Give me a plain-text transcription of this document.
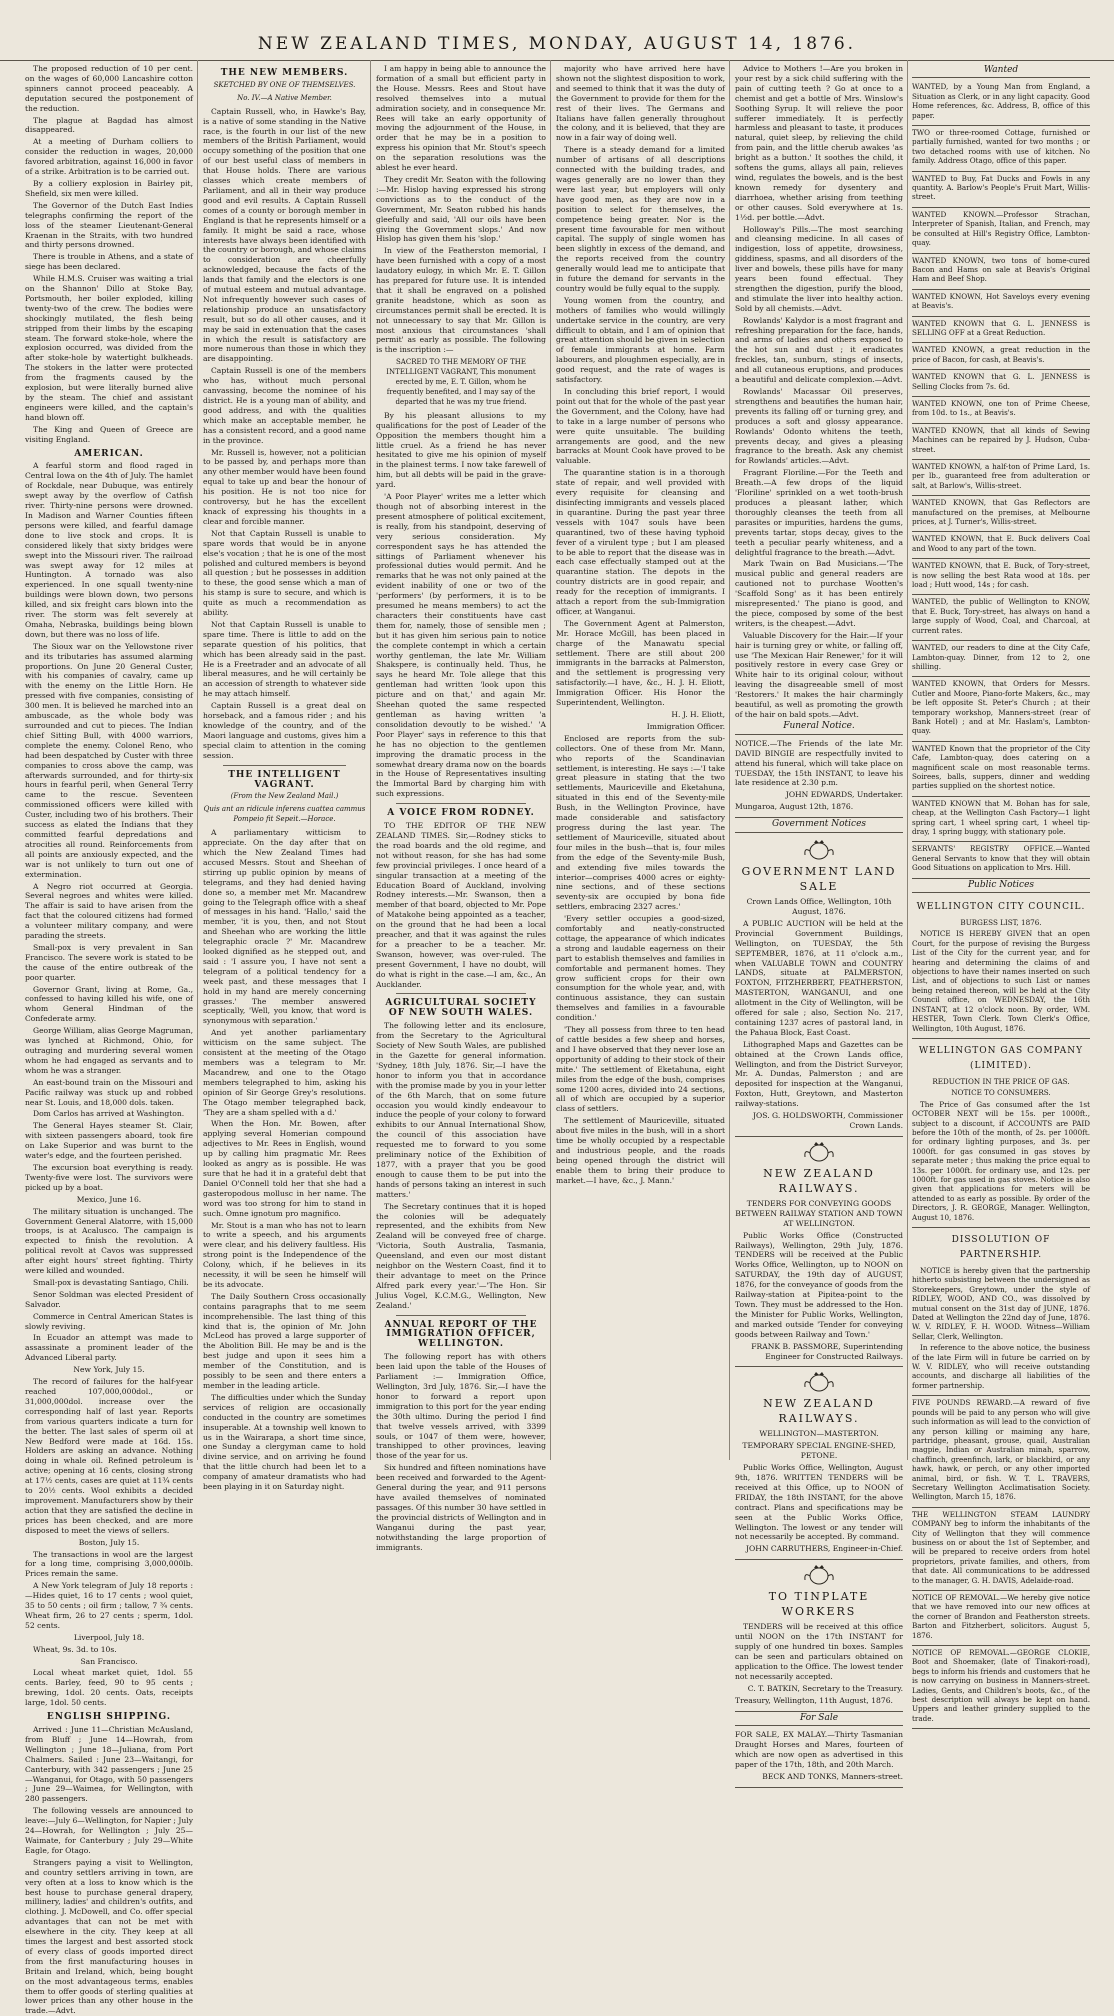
NEW ZEALAND TIMES, MONDAY, AUGUST 14, 1876.

The proposed reduction of 10 per cent. on the wages of 60,000 Lancashire cotton spinners cannot proceed peaceably. A deputation secured the postponement of the reduction.

The plague at Bagdad has almost disappeared.

At a meeting of Durham colliers to consider the reduction in wages, 20,000 favored arbitration, against 16,000 in favor of a strike. Arbitration is to be carried out.

By a colliery explosion in Bairley pit, Shefield, six men were killed.

The Governor of the Dutch East Indies telegraphs confirming the report of the loss of the steamer Lieutenant-General Kraenan in the Straits, with two hundred and thirty persons drowned.

There is trouble in Athens, and a state of siege has been declared.

While H.M.S. Cruiser was waiting a trial on the Shannon' Dillo at Stoke Bay, Portsmouth, her boiler exploded, killing twenty-two of the crew. The bodies were shockingly mutilated, the flesh being stripped from their limbs by the escaping steam. The forward stoke-hole, where the explosion occurred, was divided from the after stoke-hole by watertight bulkheads. The stokers in the latter were protected from the fragments caused by the explosion, but were literally burned alive by the steam. The chief and assistant engineers were killed, and the captain's hand blown off.

The King and Queen of Greece are visiting England.

AMERICAN.

A fearful storm and flood raged in Central Iowa on the 4th of July. The hamlet of Rockdale, near Dubuque, was entirely swept away by the overflow of Catfish river. Thirty-nine persons were drowned. In Madison and Warner Counties fifteen persons were killed, and fearful damage done to live stock and crops. It is considered likely that sixty bridges were swept into the Missouri river. The railroad was swept away for 12 miles at Huntington. A tornado was also experienced. In one squall twenty-nine buildings were blown down, two persons killed, and six freight cars blown into the river. The storm was felt severely at Omaha, Nebraska, buildings being blown down, but there was no loss of life.

The Sioux war on the Yellowstone river and its tributaries has assumed alarming proportions. On June 20 General Custer, with his companies of cavalry, came up with the enemy on the Little Horn. He pressed with five companies, consisting of 300 men. It is believed he marched into an ambuscade, as the whole body was surrounded and cut to pieces. The Indian chief Sitting Bull, with 4000 warriors, complete the enemy. Colonel Reno, who had been despatched by Custer with three companies to cross above the camp, was afterwards surrounded, and for thirty-six hours in fearful peril, when General Terry came to the rescue. Seventeen commissioned officers were killed with Custer, including two of his brothers. Their success as elated the Indians that they committed fearful depredations and atrocities all round. Reinforcements from all points are anxiously expected, and the war is not unlikely to turn out one of extermination.

A Negro riot occurred at Georgia. Several negroes and whites were killed. The affair is said to have arisen from the fact that the coloured citizens had formed a volunteer military company, and were parading the streets.

Small-pox is very prevalent in San Francisco. The severe work is stated to be the cause of the entire outbreak of the poor quarter.

Governor Grant, living at Rome, Ga., confessed to having killed his wife, one of whom General Hindman of the Confederate army.

George William, alias George Magruman, was lynched at Richmond, Ohio, for outraging and murdering several women whom he had engaged as servants and to whom he was a stranger.

An east-bound train on the Missouri and Pacific railway was stuck up and robbed near St. Louis, and 18,000 dols. taken.

Dom Carlos has arrived at Washington.

The General Hayes steamer St. Clair, with sixteen passengers aboard, took fire on Lake Superior and was burnt to the water's edge, and the fourteen perished.

The excursion boat everything is ready. Twenty-five were lost. The survivors were picked up by a boat.

Mexico, June 16.

The military situation is unchanged. The Government General Alatorre, with 15,000 troops, is at Acalusco. The campaign is expected to finish the revolution. A political revolt at Cavos was suppressed after eight hours' street fighting. Thirty were killed and wounded.

Small-pox is devastating Santiago, Chili.

Senor Soldman was elected President of Salvador.

Commerce in Central American States is slowly reviving.

In Ecuador an attempt was made to assassinate a prominent leader of the Advanced Liberal party.

New York, July 15.

The record of failures for the half-year reached 107,000,000dol., or 31,000,000dol. increase over the corresponding half of last year. Reports from various quarters indicate a turn for the better. The last sales of sperm oil at New Bedford were made at 16d. 15s. Holders are asking an advance. Nothing doing in whale oil. Refined petroleum is active; opening at 16 cents, closing strong at 17½ cents, cases are quiet at 11¾ cents to 20½ cents. Wool exhibits a decided improvement. Manufacturers show by their action that they are satisfied the decline in prices has been checked, and are more disposed to meet the views of sellers.

Boston, July 15.

The transactions in wool are the largest for a long time, comprising 3,000,000lb. Prices remain the same.

A New York telegram of July 18 reports : —Hides quiet, 16 to 17 cents ; wool quiet, 35 to 50 cents ; oil firm ; tallow, 7 ¾ cents. Wheat firm, 26 to 27 cents ; sperm, 1dol. 52 cents.

Liverpool, July 18.

Wheat, 9s. 3d. to 10s.

San Francisco.

Local wheat market quiet, 1dol. 55 cents. Barley, feed, 90 to 95 cents ; brewing, 1dol. 20 cents. Oats, receipts large, 1dol. 50 cents.

ENGLISH SHIPPING.

Arrived : June 11—Christian McAusland, from Bluff ; June 14—Howrah, from Wellington ; June 18—Juliana, from Port Chalmers. Sailed : June 23—Waitangi, for Canterbury, with 342 passengers ; June 25—Wanganui, for Otago, with 50 passengers ; June 29—Waimea, for Wellington, with 280 passengers.

The following vessels are announced to leave:—July 6—Wellington, for Napier ; July 24—Howrah, for Wellington ; July 25—Waimate, for Canterbury ; July 29—White Eagle, for Otago.

Strangers paying a visit to Wellington, and country settlers arriving in town, are very often at a loss to know which is the best house to purchase general drapery, millinery, ladies' and children's outfits, and clothing. J. McDowell, and Co. offer special advantages that can not be met with elsewhere in the city. They keep at all times the largest and best assorted stock of every class of goods imported direct from the first manufacturing houses in Britain and Ireland, which, being bought on the most advantageous terms, enables them to offer goods of sterling qualities at lower prices than any other house in the trade.—Advt.

THE NEW MEMBERS.
SKETCHED BY ONE OF THEMSELVES.
No. IV.—A Native Member.

Captain Russell, who, in Hawke's Bay, is a native of some standing in the Native race, is the fourth in our list of the new members of the British Parliament, would occupy something of the position that one of our best useful class of members in that House holds. There are various classes which create members of Parliament, and all in their way produce good and evil results. A Captain Russell comes of a county or borough member in England is that he represents himself or a family. It might be said a race, whose interests have always been identified with the country or borough, and whose claims to consideration are cheerfully acknowledged, because the facts of the lands that family and the electors is one of mutual esteem and mutual advantage. Not infrequently however such cases of relationship produce an unsatisfactory result, but so do all other causes, and it may be said in extenuation that the cases in which the result is satisfactory are more numerous than those in which they are disappointing.

Captain Russell is one of the members who has, without much personal canvassing, become the nominee of his district. He is a young man of ability, and good address, and with the qualities which make an acceptable member, he has a consistent record, and a good name in the province.

Mr. Russell is, however, not a politician to be passed by, and perhaps more than any other member would have been found equal to take up and bear the honour of his position. He is not too nice for controversy, but he has the excellent knack of expressing his thoughts in a clear and forcible manner.

Not that Captain Russell is unable to spare words that would be in anyone else's vocation ; that he is one of the most polished and cultured members is beyond all question ; but he possesses in addition to these, the good sense which a man of his stamp is sure to secure, and which is quite as much a recommendation as ability.

Not that Captain Russell is unable to spare time. There is little to add on the separate question of his politics, that which has been already said in the past. He is a Freetrader and an advocate of all liberal measures, and he will certainly be an accession of strength to whatever side he may attach himself.

Captain Russell is a great deal on horseback, and a famous rider ; and his knowledge of the country, and of the Maori language and customs, gives him a special claim to attention in the coming session.

THE INTELLIGENT VAGRANT.
(From the New Zealand Mail.)
Quis ant an ridicule inferens cuattea cammus Pompeio fit Sepeit.—Horace.

A parliamentary witticism to appreciate. On the day after that on which the New Zealand Times had accused Messrs. Stout and Sheehan of stirring up public opinion by means of telegrams, and they had denied having done so, a member met Mr. Macandrew going to the Telegraph office with a sheaf of messages in his hand. 'Hallo,' said the member, 'it is you, then, and not Stout and Sheehan who are working the little telegraphic oracle ?' Mr. Macandrew looked dignified as he stepped out, and said : 'I assure you, I have not sent a telegram of a political tendency for a week past, and these messages that I hold in my hand are merely concerning grasses.' The member answered sceptically, 'Well, you know, that word is synonymous with separation.'

And yet another parliamentary witticism on the same subject. The consistent at the meeting of the Otago members was a telegram to Mr. Macandrew, and one to the Otago members telegraphed to him, asking his opinion of Sir George Grey's resolutions. The Otago member telegraphed back, 'They are a sham spelled with a d.'

When the Hon. Mr. Bowen, after applying several Homerian compound adjectives to Mr. Rees in English, wound up by calling him pragmatic Mr. Rees looked as angry as is possible. He was sure that he had it in a grateful debt that Daniel O'Connell told her that she had a gasteropodous mollusc in her name. The word was too strong for him to stand in such. Omne ignotum pro magnifico.

Mr. Stout is a man who has not to learn to write a speech, and his arguments were clear, and his delivery faultless. His strong point is the Independence of the Colony, which, if he believes in its necessity, it will be seen he himself will be its advocate.

The Daily Southern Cross occasionally contains paragraphs that to me seem incomprehensible. The last thing of this kind that is, the opinion of Mr. John McLeod has proved a large supporter of the Abolition Bill. He may be and is the best judge and upon it sees him a member of the Constitution, and is possibly to be seen and there enters a member in the leading article.

The difficulties under which the Sunday services of religion are occasionally conducted in the country are sometimes insuperable. At a township well known to us in the Wairarapa, a short time since, one Sunday a clergyman came to hold divine service, and on arriving he found that the little church had been let to a company of amateur dramatists who had been playing in it on Saturday night.

I am happy in being able to announce the formation of a small but efficient party in the House. Messrs. Rees and Stout have resolved themselves into a mutual admiration society, and in consequence Mr. Rees will take an early opportunity of moving the adjournment of the House, in order that he may be in a position to express his opinion that Mr. Stout's speech on the separation resolutions was the ablest he ever heard.

They credit Mr. Seaton with the following :—Mr. Hislop having expressed his strong convictions as to the conduct of the Government, Mr. Seaton rubbed his hands gleefully and said, 'All our oils have been giving the Government slops.' And now Hislop has given them his 'slop.'

In view of the Featherston memorial, I have been furnished with a copy of a most laudatory eulogy, in which Mr. E. T. Gillon has prepared for future use. It is intended that it shall be engraved on a polished granite headstone, which as soon as circumstances permit shall be erected. It is not unnecessary to say that Mr. Gillon is most anxious that circumstances 'shall permit' as early as possible. The following is the inscription :—

SACRED TO THE MEMORY OF THE INTELLIGENT VAGRANT, This monument erected by me, E. T. Gillon, whom he frequently benefited, and I may say of the departed that he was my true friend.

By his pleasant allusions to my qualifications for the post of Leader of the Opposition the members thought him a little cruel. As a friend he has never hesitated to give me his opinion of myself in the plainest terms. I now take farewell of him, but all debts will be paid in the grave-yard.

'A Poor Player' writes me a letter which though not of absorbing interest in the present atmosphere of political excitement, is really, from his standpoint, deserving of very serious consideration. My correspondent says he has attended the sittings of Parliament whenever his professional duties would permit. And he remarks that he was not only pained at the evident inability of one or two of the 'performers' (by performers, it is to be presumed he means members) to act the characters their constituents have cast them for, namely, those of sensible men ; but it has given him serious pain to notice the complete contempt in which a certain worthy gentleman, the late Mr. William Shakspere, is continually held. Thus, he says he heard Mr. Tole allege that this gentleman had written 'look upon this picture and on that,' and again Mr. Sheehan quoted the same respected gentleman as having written 'a consolidation devoutly to be wished.' 'A Poor Player' says in reference to this that he has no objection to the gentlemen improving the dramatic process in the somewhat dreary drama now on the boards in the House of Representatives insulting the Immortal Bard by charging him with such expressions.

A VOICE FROM RODNEY.

TO THE EDITOR OF THE NEW ZEALAND TIMES. Sir,—Rodney sticks to the road boards and the old regime, and not without reason, for she has had some few provincial privileges. I once heard of a singular transaction at a meeting of the Education Board of Auckland, involving Rodney interests.—Mr. Swanson, then a member of that board, objected to Mr. Pope of Matakohe being appointed as a teacher, on the ground that he had been a local preacher, and that it was against the rules for a preacher to be a teacher. Mr. Swanson, however, was over-ruled. The present Government, I have no doubt, will do what is right in the case.—I am, &c., An Aucklander.

AGRICULTURAL SOCIETY OF NEW SOUTH WALES.

The following letter and its enclosure, from the Secretary to the Agricultural Society of New South Wales, are published in the Gazette for general information. 'Sydney, 18th July, 1876. Sir,—I have the honor to inform you that in accordance with the promise made by you in your letter of the 6th March, that on some future occasion you would kindly endeavour to induce the people of your colony to forward exhibits to our Annual International Show, the council of this association have requested me to forward to you some preliminary notice of the Exhibition of 1877, with a prayer that you be good enough to cause them to be put into the hands of persons taking an interest in such matters.'

The Secretary continues that it is hoped the colonies will be adequately represented, and the exhibits from New Zealand will be conveyed free of charge. 'Victoria, South Australia, Tasmania, Queensland, and even our most distant neighbor on the Western Coast, find it to their advantage to meet on the Prince Alfred park every year.'—'The Hon. Sir Julius Vogel, K.C.M.G., Wellington, New Zealand.'

ANNUAL REPORT OF THE IMMIGRATION OFFICER, WELLINGTON.

The following report has with others been laid upon the table of the Houses of Parliament :— Immigration Office, Wellington, 3rd July, 1876. Sir,—I have the honor to forward a report upon immigration to this port for the year ending the 30th ultimo. During the period I find that twelve vessels arrived, with 3399 souls, or 1047 of them were, however, transhipped to other provinces, leaving those of the year for us.

Six hundred and fifteen nominations have been received and forwarded to the Agent-General during the year, and 911 persons have availed themselves of nominated passages. Of this number 30 have settled in the provincial districts of Wellington and in Wanganui during the past year, notwithstanding the large proportion of immigrants.

majority who have arrived here have shown not the slightest disposition to work, and seemed to think that it was the duty of the Government to provide for them for the rest of their lives. The Germans and Italians have fallen generally throughout the colony, and it is believed, that they are now in a fair way of doing well.

There is a steady demand for a limited number of artisans of all descriptions connected with the building trades, and wages generally are no lower than they were last year, but employers will only have good men, as they are now in a position to select for themselves, the competence being greater. Nor is the present time favourable for men without capital. The supply of single women has been slightly in excess of the demand, and the reports received from the country generally would lead me to anticipate that in future the demand for servants in the country would be fully equal to the supply.

Young women from the country, and mothers of families who would willingly undertake service in the country, are very difficult to obtain, and I am of opinion that great attention should be given in selection of female immigrants at home. Farm labourers, and ploughmen especially, are in good request, and the rate of wages is satisfactory.

In concluding this brief report, I would point out that for the whole of the past year the Government, and the Colony, have had to take in a large number of persons who were quite unsuitable. The building arrangements are good, and the new barracks at Mount Cook have proved to be valuable.

The quarantine station is in a thorough state of repair, and well provided with every requisite for cleansing and disinfecting immigrants and vessels placed in quarantine. During the past year three vessels with 1047 souls have been quarantined, two of these having typhoid fever of a virulent type ; but I am pleased to be able to report that the disease was in each case effectually stamped out at the quarantine station. The depots in the country districts are in good repair, and ready for the reception of immigrants. I attach a report from the sub-Immigration officer, at Wanganui.

The Government Agent at Palmerston, Mr. Horace McGill, has been placed in charge of the Manawatu special settlement. There are still about 200 immigrants in the barracks at Palmerston, and the settlement is progressing very satisfactorily.—I have, &c., H. J. H. Eliott, Immigration Officer. His Honor the Superintendent, Wellington.

H. J. H. Eliott,

Immigration Officer.

Enclosed are reports from the sub-collectors. One of these from Mr. Mann, who reports of the Scandinavian settlement, is interesting. He says :—'I take great pleasure in stating that the two settlements, Mauriceville and Eketahuna, situated in this end of the Seventy-mile Bush, in the Wellington Province, have made considerable and satisfactory progress during the last year. The settlement of Mauriceville, situated about four miles in the bush—that is, four miles from the edge of the Seventy-mile Bush, and extending five miles towards the interior—comprises 4000 acres or eighty-nine sections, and of these sections seventy-six are occupied by bona fide settlers, embracing 2327 acres.'

'Every settler occupies a good-sized, comfortably and neatly-constructed cottage, the appearance of which indicates a strong and laudable eagerness on their part to establish themselves and families in comfortable and permanent homes. They grow sufficient crops for their own consumption for the whole year, and, with continuous assistance, they can sustain themselves and families in a favourable condition.'

'They all possess from three to ten head of cattle besides a few sheep and horses, and I have observed that they never lose an opportunity of adding to their stock of their mite.' The settlement of Eketahuna, eight miles from the edge of the bush, comprises some 1200 acres, divided into 24 sections, all of which are occupied by a superior class of settlers.

The settlement of Mauriceville, situated about five miles in the bush, will in a short time be wholly occupied by a respectable and industrious people, and the roads being opened through the district will enable them to bring their produce to market.—I have, &c., J. Mann.'

Advice to Mothers !—Are you broken in your rest by a sick child suffering with the pain of cutting teeth ? Go at once to a chemist and get a bottle of Mrs. Winslow's Soothing Syrup. It will relieve the poor sufferer immediately. It is perfectly harmless and pleasant to taste, it produces natural, quiet sleep, by relieving the child from pain, and the little cherub awakes 'as bright as a button.' It soothes the child, it softens the gums, allays all pain, relieves wind, regulates the bowels, and is the best known remedy for dysentery and diarrhoea, whether arising from teething or other causes. Sold everywhere at 1s. 1½d. per bottle.—Advt.

Holloway's Pills.—The most searching and cleansing medicine. In all cases of indigestion, loss of appetite, drowsiness, giddiness, spasms, and all disorders of the liver and bowels, these pills have for many years been found effectual. They strengthen the digestion, purify the blood, and stimulate the liver into healthy action. Sold by all chemists.—Advt.

Rowlands' Kalydor is a most fragrant and refreshing preparation for the face, hands, and arms of ladies and others exposed to the hot sun and dust ; it eradicates freckles, tan, sunburn, stings of insects, and all cutaneous eruptions, and produces a beautiful and delicate complexion.—Advt.

Rowlands' Macassar Oil preserves, strengthens and beautifies the human hair, prevents its falling off or turning grey, and produces a soft and glossy appearance. Rowlands' Odonto whitens the teeth, prevents decay, and gives a pleasing fragrance to the breath. Ask any chemist for Rowlands' articles.—Advt.

Fragrant Floriline.—For the Teeth and Breath.—A few drops of the liquid 'Floriline' sprinkled on a wet tooth-brush produces a pleasant lather, which thoroughly cleanses the teeth from all parasites or impurities, hardens the gums, prevents tartar, stops decay, gives to the teeth a peculiar pearly whiteness, and a delightful fragrance to the breath.—Advt.

Mark Twain on Bad Musicians.—'The musical public and general readers are cautioned not to purchase Wootten's 'Scaffold Song' as it has been entirely misrepresented.' The piano is good, and the piece, composed by some of the best writers, is the cheapest.—Advt.

Valuable Discovery for the Hair.—If your hair is turning grey or white, or falling off, use 'The Mexican Hair Renewer,' for it will positively restore in every case Grey or White hair to its original colour, without leaving the disagreeable smell of most 'Restorers.' It makes the hair charmingly beautiful, as well as promoting the growth of the hair on bald spots.—Advt.

Funeral Notice.

NOTICE.—The Friends of the late Mr. DAVID BINGIE are respectfully invited to attend his funeral, which will take place on TUESDAY, the 15th INSTANT, to leave his late residence at 2.30 p.m.

JOHN EDWARDS, Undertaker.

Mungaroa, August 12th, 1876.

Government Notices
GOVERNMENT LAND SALE

Crown Lands Office, Wellington, 10th August, 1876.

A PUBLIC AUCTION will be held at the Provincial Government Buildings, Wellington, on TUESDAY, the 5th SEPTEMBER, 1876, at 11 o'clock a.m., when VALUABLE TOWN and COUNTRY LANDS, situate at PALMERSTON, FOXTON, FITZHERBERT, FEATHERSTON, MASTERTON, WANGANUI, and one allotment in the City of Wellington, will be offered for sale ; also, Section No. 217, containing 1237 acres of pastoral land, in the Pahaua Block, East Coast.

Lithographed Maps and Gazettes can be obtained at the Crown Lands office, Wellington, and from the District Surveyor, Mr. A. Dundas, Palmerston ; and are deposited for inspection at the Wanganui, Foxton, Hutt, Greytown, and Masterton railway-stations.

JOS. G. HOLDSWORTH, Commissioner Crown Lands.

NEW ZEALAND RAILWAYS.

TENDERS FOR CONVEYING GOODS BETWEEN RAILWAY STATION AND TOWN AT WELLINGTON.

Public Works Office (Constructed Railways), Wellington, 29th July, 1876. TENDERS will be received at the Public Works Office, Wellington, up to NOON on SATURDAY, the 19th day of AUGUST, 1876, for the conveyance of goods from the Railway-station at Pipitea-point to the Town. They must be addressed to the Hon. the Minister for Public Works, Wellington, and marked outside 'Tender for conveying goods between Railway and Town.'

FRANK B. PASSMORE, Superintending Engineer for Constructed Railways.

NEW ZEALAND RAILWAYS.

WELLINGTON—MASTERTON.

TEMPORARY SPECIAL ENGINE-SHED, PETONE.

Public Works Office, Wellington, August 9th, 1876. WRITTEN TENDERS will be received at this Office, up to NOON of FRIDAY, the 18th INSTANT, for the above contract. Plans and specifications may be seen at the Public Works Office, Wellington. The lowest or any tender will not necessarily be accepted. By command.

JOHN CARRUTHERS, Engineer-in-Chief.

TO TINPLATE WORKERS

TENDERS will be received at this office until NOON on the 17th INSTANT for supply of one hundred tin boxes. Samples can be seen and particulars obtained on application to the Office. The lowest tender not necessarily accepted.

C. T. BATKIN, Secretary to the Treasury.

Treasury, Wellington, 11th August, 1876.

For Sale

FOR SALE, EX MALAY.—Thirty Tasmanian Draught Horses and Mares, fourteen of which are now open as advertised in this paper of the 17th, 18th, and 20th March.

BECK AND TONKS, Manners-street.

Wanted

WANTED, by a Young Man from England, a Situation as Clerk, or in any light capacity. Good Home references, &c. Address, B, office of this paper.

TWO or three-roomed Cottage, furnished or partially furnished, wanted for two months ; or two detached rooms with use of kitchen. No family. Address Otago, office of this paper.

WANTED to Buy, Fat Ducks and Fowls in any quantity. A. Barlow's People's Fruit Mart, Willis-street.

WANTED KNOWN.—Professor Strachan, Interpreter of Spanish, Italian, and French, may be consulted at Hill's Registry Office, Lambton-quay.

WANTED KNOWN, two tons of home-cured Bacon and Hams on sale at Beavis's Original Ham and Beef Shop.

WANTED KNOWN, Hot Saveloys every evening at Beavis's.

WANTED KNOWN that G. L. JENNESS is SELLING OFF at a Great Reduction.

WANTED KNOWN, a great reduction in the price of Bacon, for cash, at Beavis's.

WANTED KNOWN that G. L. JENNESS is Selling Clocks from 7s. 6d.

WANTED KNOWN, one ton of Prime Cheese, from 10d. to 1s., at Beavis's.

WANTED KNOWN, that all kinds of Sewing Machines can be repaired by J. Hudson, Cuba-street.

WANTED KNOWN, a half-ton of Prime Lard, 1s. per lb., guaranteed free from adulteration or salt, at Barlow's, Willis-street.

WANTED KNOWN, that Gas Reflectors are manufactured on the premises, at Melbourne prices, at J. Turner's, Willis-street.

WANTED KNOWN, that E. Buck delivers Coal and Wood to any part of the town.

WANTED KNOWN, that E. Buck, of Tory-street, is now selling the best Rata wood at 18s. per load ; Hutt wood, 14s ; for cash.

WANTED, the public of Wellington to KNOW, that E. Buck, Tory-street, has always on hand a large supply of Wood, Coal, and Charcoal, at current rates.

WANTED, our readers to dine at the City Cafe, Lambton-quay. Dinner, from 12 to 2, one shilling.

WANTED KNOWN, that Orders for Messrs. Cutler and Moore, Piano-forte Makers, &c., may be left opposite St. Peter's Church ; at their temporary workshop, Manners-street (rear of Bank Hotel) ; and at Mr. Haslam's, Lambton-quay.

WANTED Known that the proprietor of the City Cafe, Lambton-quay, does catering on a magnificent scale on most reasonable terms. Soirees, balls, suppers, dinner and wedding parties supplied on the shortest notice.

WANTED KNOWN that M. Bohan has for sale, cheap, at the Wellington Cash Factory—1 light spring cart, 1 wheel spring cart, 1 wheel tip-dray, 1 spring buggy, with stationary pole.

SERVANTS' REGISTRY OFFICE.—Wanted General Servants to know that they will obtain Good Situations on application to Mrs. Hill.

Public Notices
WELLINGTON CITY COUNCIL.

BURGESS LIST, 1876.

NOTICE IS HEREBY GIVEN that an open Court, for the purpose of revising the Burgess List of the City for the current year, and for hearing and determining the claims of and objections to have their names inserted on such List, and of objections to such List or names being retained thereon, will be held at the City Council office, on WEDNESDAY, the 16th INSTANT, at 12 o'clock noon. By order, WM. HESTER, Town Clerk. Town Clerk's Office, Wellington, 10th August, 1876.

WELLINGTON GAS COMPANY (LIMITED).

REDUCTION IN THE PRICE OF GAS.

NOTICE TO CONSUMERS.

The Price of Gas consumed after the 1st OCTOBER NEXT will be 15s. per 1000ft., subject to a discount, if ACCOUNTS are PAID before the 10th of the month, of 2s. per 1000ft. for ordinary lighting purposes, and 3s. per 1000ft. for gas consumed in gas stoves by separate meter ; thus making the price equal to 13s. per 1000ft. for ordinary use, and 12s. per 1000ft. for gas used in gas stoves. Notice is also given that applications for meters will be attended to as early as possible. By order of the Directors, J. R. GEORGE, Manager. Wellington, August 10, 1876.

DISSOLUTION OF PARTNERSHIP.

NOTICE is hereby given that the partnership hitherto subsisting between the undersigned as Storekeepers, Greytown, under the style of RIDLEY, WOOD, AND CO., was dissolved by mutual consent on the 31st day of JUNE, 1876. Dated at Wellington the 22nd day of June, 1876. W. V. RIDLEY, F. H. WOOD. Witness—William Sellar, Clerk, Wellington.

In reference to the above notice, the business of the late Firm will in future be carried on by W. V. RIDLEY, who will receive outstanding accounts, and discharge all liabilities of the former partnership.

FIVE POUNDS REWARD.—A reward of five pounds will be paid to any person who will give such information as will lead to the conviction of any person killing or maiming any hare, partridge, pheasant, grouse, quail, Australian magpie, Indian or Australian minah, sparrow, chaffinch, greenfinch, lark, or blackbird, or any hawk, hawk, or perch, or any other imported animal, bird, or fish. W. T. L. TRAVERS, Secretary Wellington Acclimatisation Society. Wellington, March 15, 1876.

THE WELLINGTON STEAM LAUNDRY COMPANY beg to inform the inhabitants of the City of Wellington that they will commence business on or about the 1st of September, and will be prepared to receive orders from hotel proprietors, private families, and others, from that date. All communications to be addressed to the manager, G. H. DAVIS, Adelaide-road.

NOTICE OF REMOVAL.—We hereby give notice that we have removed into our new offices at the corner of Brandon and Featherston streets. Barton and Fitzherbert, solicitors. August 5, 1876.

NOTICE OF REMOVAL.—GEORGE CLOKIE, Boot and Shoemaker, (late of Tinakori-road), begs to inform his friends and customers that he is now carrying on business in Manners-street. Ladies, Gents, and Children's boots, &c., of the best description will always be kept on hand. Uppers and leather grindery supplied to the trade.
